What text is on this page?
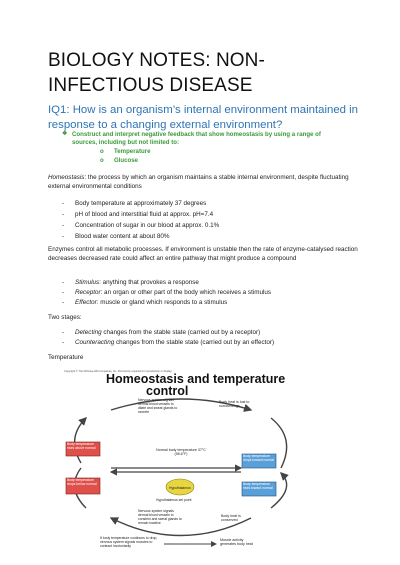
BIOLOGY NOTES: NON-INFECTIOUS DISEASE
IQ1: How is an organism’s internal environment maintained in response to a changing external environment?
❖ Construct and interpret negative feedback that show homeostasis by using a range of sources, including but not limited to:
o Temperature
o Glucose
Homeostasis: the process by which an organism maintains a stable internal environment, despite fluctuating external environmental conditions
- Body temperature at approximately 37 degrees
- pH of blood and interstitial fluid at approx. pH=7.4
- Concentration of sugar in our blood at approx. 0.1%
- Blood water content at about 80%
Enzymes control all metabolic processes. If environment is unstable then the rate of enzyme-catalysed reaction decreases decreased rate could affect an entire pathway that might produce a compound
- Stimulus: anything that provokes a response
- Receptor: an organ or other part of the body which receives a stimulus
- Effector: muscle or gland which responds to a stimulus
Two stages:
- Detecting changes from the stable state (carried out by a receptor)
- Counteracting changes from the stable state (carried out by an effector)
Temperature
Copyright © The McGraw-Hill Companies, Inc. Permission required for reproduction or display.
Homeostasis and temperature
control
Nervous system signals dermal blood vessels to dilate and sweat glands to secrete
Body heat is lost to surroundings
Body temperature rises above normal
Body temperature drops toward normal
Normal body temperature 37°C (98.6°F)
Hypothalamus
Hypothalamus set point
Body temperature rises toward normal
Body temperature drops below normal
Nervous system signals dermal blood vessels to constrict and sweat glands to remain inactive
Body heat is conserved
If body temperature continues to drop, nervous system signals muscles to contract involuntarily
Muscle activity generates body heat
